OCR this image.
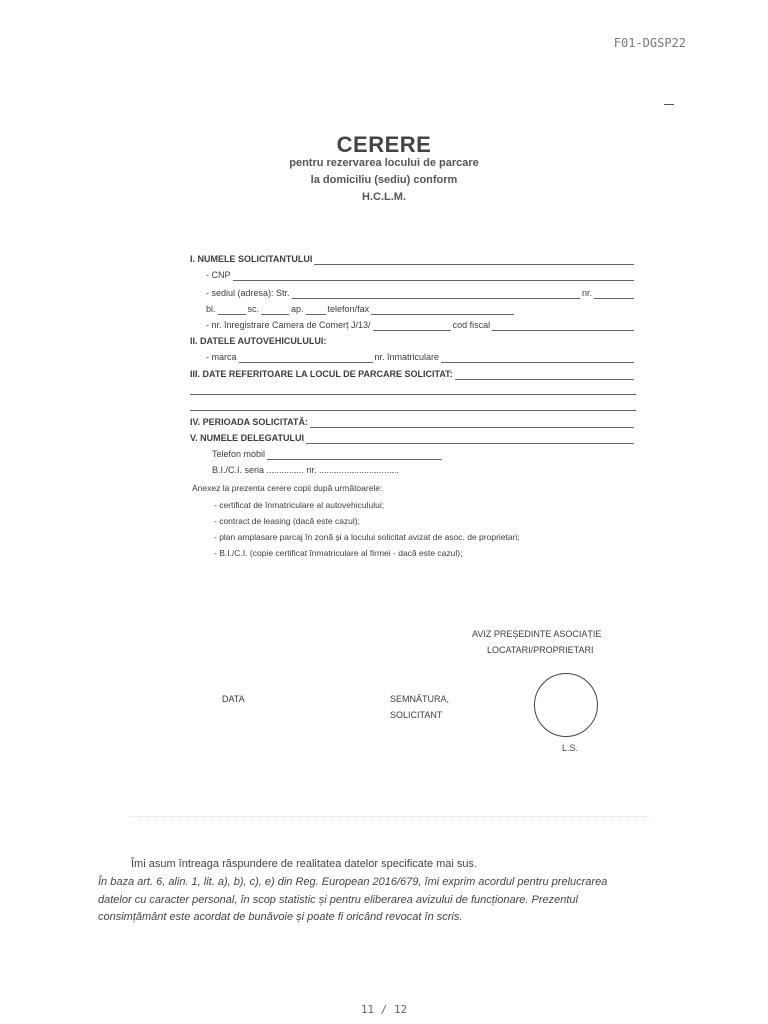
F01-DGSP22
CERERE
pentru rezervarea locului de parcare
la domiciliu (sediu) conform
H.C.L.M.
I. NUMELE SOLICITANTULUI
- CNP
- sediul (adresa): Str.	nr.
bl.	sc.	ap.	telefon/fax
- nr. înregistrare Camera de Comerț J/13/	cod fiscal
II. DATELE AUTOVEHICULULUI:
- marca	nr. înmatriculare
III. DATE REFERITOARE LA LOCUL DE PARCARE SOLICITAT:
IV. PERIOADA SOLICITATĂ:
V. NUMELE DELEGATULUI
Telefon mobil
B.I./C.I. seria ............... nr. ................................
Anexez la prezenta cerere copii după următoarele:
- certificat de înmatriculare al autovehiculului;
- contract de leasing (dacă este cazul);
- plan amplasare parcaj în zonă și a locului solicitat avizat de asoc. de proprietari;
- B.I./C.I. (copie certificat înmatriculare al firmei - dacă este cazul);
AVIZ PREȘEDINTE ASOCIAȚIE
LOCATARI/PROPRIETARI
DATA	SEMNĂTURA,
SOLICITANT
L.S.
Îmi asum întreaga răspundere de realitatea datelor specificate mai sus.
În baza art. 6, alin. 1, lit. a), b), c), e) din Reg. European 2016/679, îmi exprim acordul pentru prelucrarea
datelor cu caracter personal, în scop statistic și pentru eliberarea avizului de funcționare. Prezentul
consimțământ este acordat de bunăvoie și poate fi oricând revocat în scris.
11 / 12
